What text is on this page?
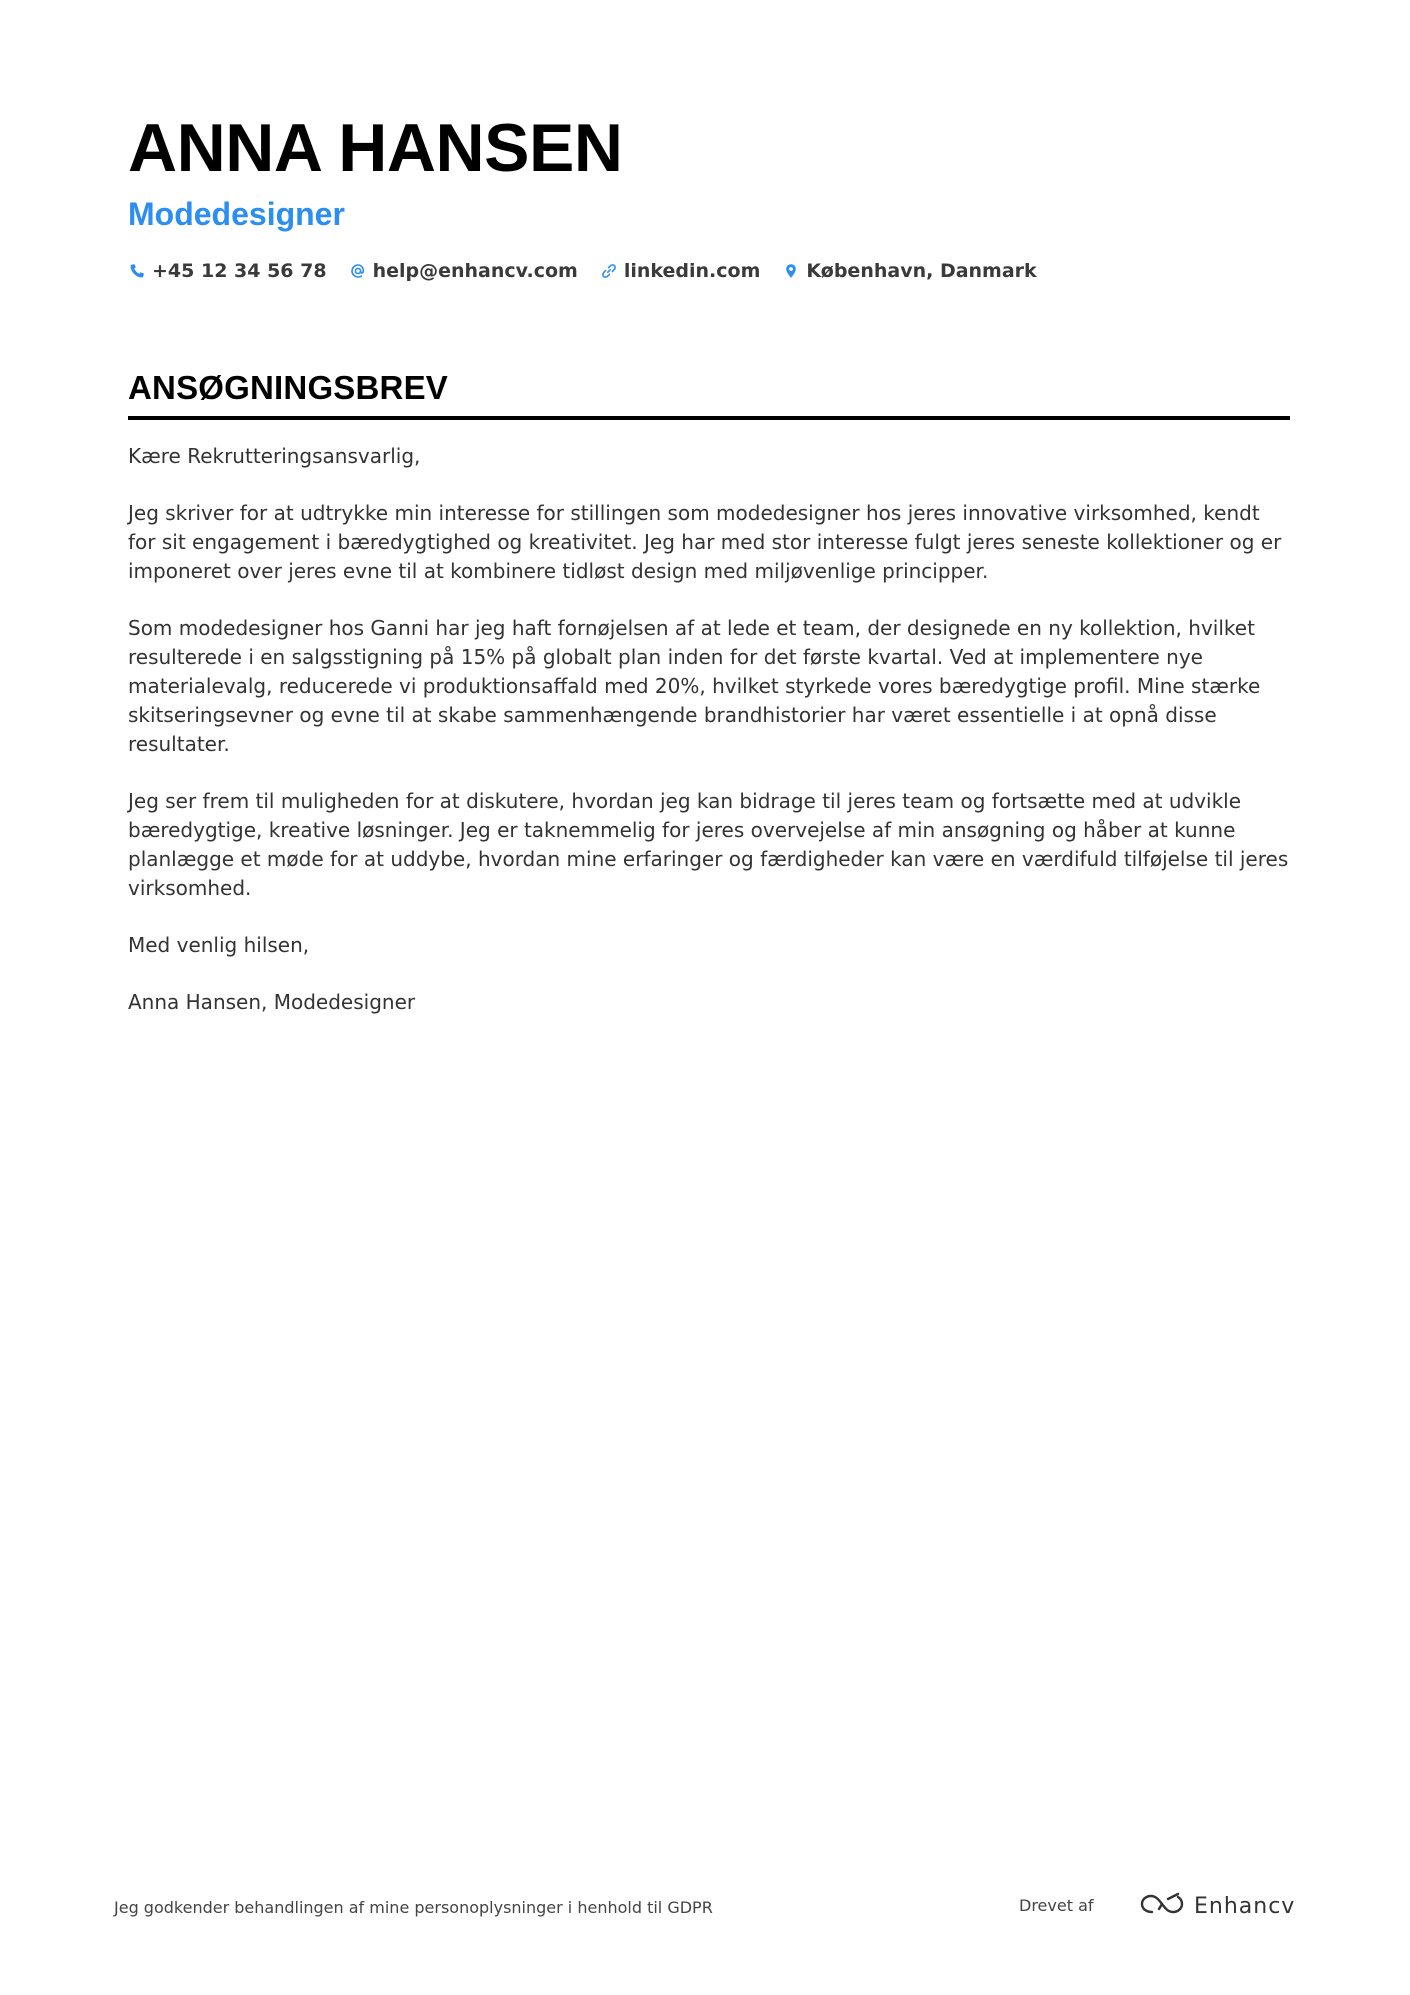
ANNA HANSEN
Modedesigner
+45 12 34 56 78 help@enhancv.com linkedin.com København, Danmark
ANSØGNINGSBREV

Kære Rekrutteringsansvarlig,

Jeg skriver for at udtrykke min interesse for stillingen som modedesigner hos jeres innovative virksomhed, kendt for sit engagement i bæredygtighed og kreativitet. Jeg har med stor interesse fulgt jeres seneste kollektioner og er imponeret over jeres evne til at kombinere tidløst design med miljøvenlige principper.

Som modedesigner hos Ganni har jeg haft fornøjelsen af at lede et team, der designede en ny kollektion, hvilket resulterede i en salgsstigning på 15% på globalt plan inden for det første kvartal. Ved at implementere nye materialevalg, reducerede vi produktionsaffald med 20%, hvilket styrkede vores bæredygtige profil. Mine stærke skitseringsevner og evne til at skabe sammenhængende brandhistorier har været essentielle i at opnå disse resultater.

Jeg ser frem til muligheden for at diskutere, hvordan jeg kan bidrage til jeres team og fortsætte med at udvikle bæredygtige, kreative løsninger. Jeg er taknemmelig for jeres overvejelse af min ansøgning og håber at kunne planlægge et møde for at uddybe, hvordan mine erfaringer og færdigheder kan være en værdifuld tilføjelse til jeres virksomhed.

Med venlig hilsen,

Anna Hansen, Modedesigner

Jeg godkender behandlingen af mine personoplysninger i henhold til GDPR	Drevet af	Enhancv
